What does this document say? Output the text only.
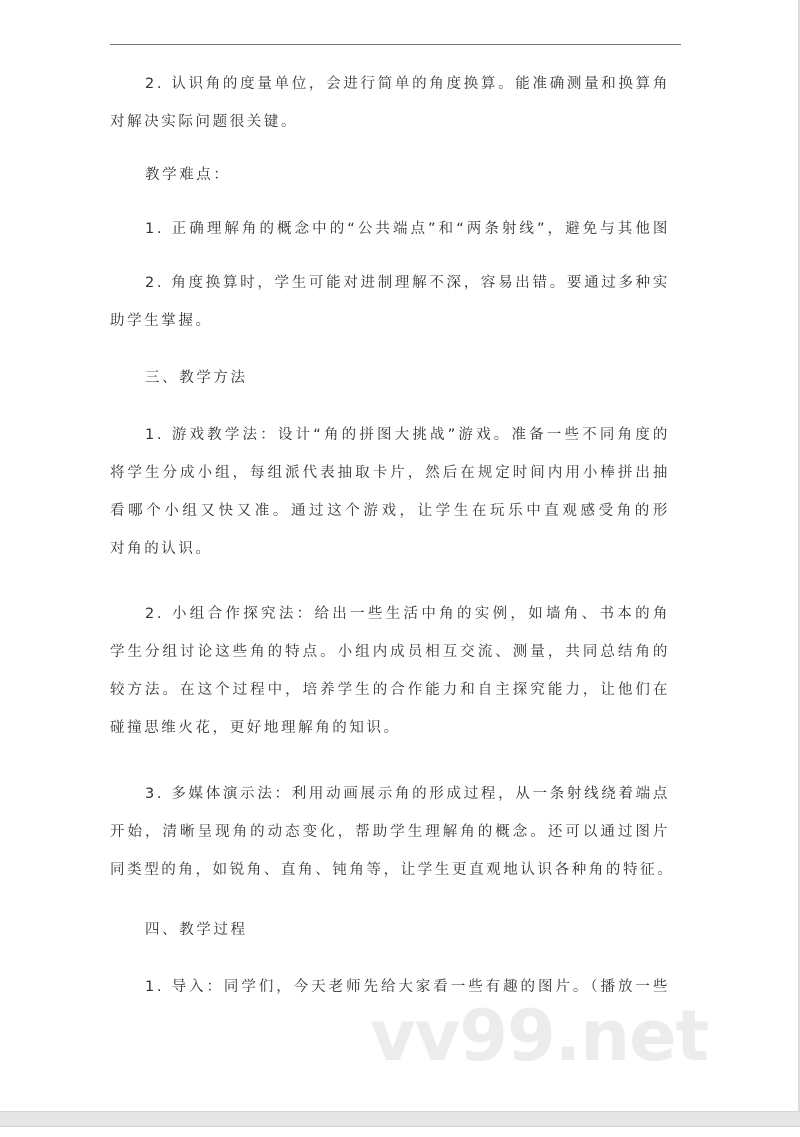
2. 认识角的度量单位，会进行简单的角度换算。能准确测量和换算角
对解决实际问题很关键。
教学难点：
1. 正确理解角的概念中的“公共端点”和“两条射线”，避免与其他图
2. 角度换算时，学生可能对进制理解不深，容易出错。要通过多种实
助学生掌握。
三、教学方法
1. 游戏教学法：设计“角的拼图大挑战”游戏。准备一些不同角度的
将学生分成小组，每组派代表抽取卡片，然后在规定时间内用小棒拼出抽
看哪个小组又快又准。通过这个游戏，让学生在玩乐中直观感受角的形
对角的认识。
2. 小组合作探究法：给出一些生活中角的实例，如墙角、书本的角
学生分组讨论这些角的特点。小组内成员相互交流、测量，共同总结角的
较方法。在这个过程中，培养学生的合作能力和自主探究能力，让他们在
碰撞思维火花，更好地理解角的知识。
3. 多媒体演示法：利用动画展示角的形成过程，从一条射线绕着端点
开始，清晰呈现角的动态变化，帮助学生理解角的概念。还可以通过图片
同类型的角，如锐角、直角、钝角等，让学生更直观地认识各种角的特征。
四、教学过程
1. 导入：同学们，今天老师先给大家看一些有趣的图片。（播放一些
vv99.net
